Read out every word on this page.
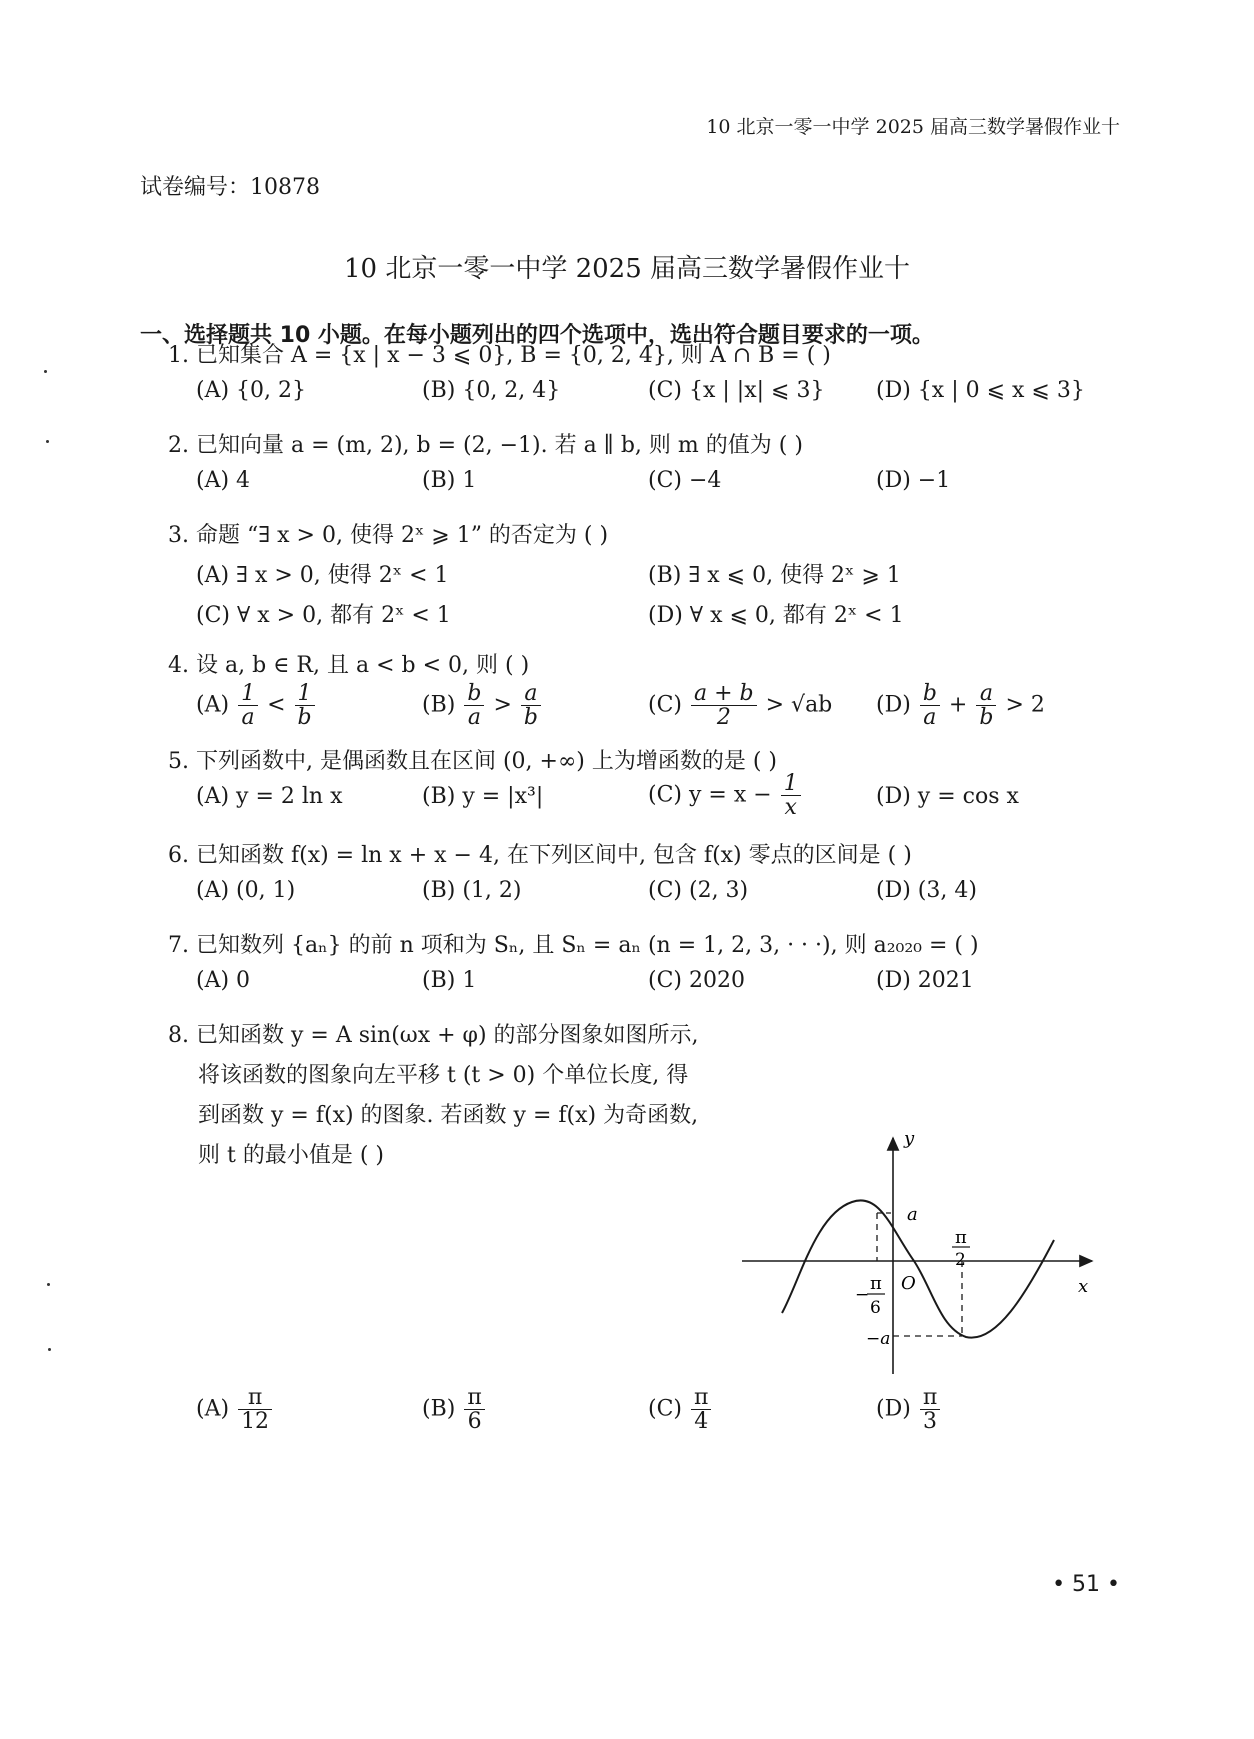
10 北京一零一中学 2025 届高三数学暑假作业十
试卷编号：10878
10 北京一零一中学 2025 届高三数学暑假作业十
一、选择题共 10 小题。在每小题列出的四个选项中，选出符合题目要求的一项。
1. 已知集合 A = {x | x − 3 ⩽ 0}, B = {0, 2, 4}, 则 A ∩ B = ( )
(A) {0, 2}	(B) {0, 2, 4}	(C) {x | |x| ⩽ 3} (D) {x | 0 ⩽ x ⩽ 3}
2. 已知向量 a = (m, 2), b = (2, −1). 若 a ∥ b, 则 m 的值为 ( )
(A) 4	(B) 1	(C) −4	(D) −1
3. 命题 “∃ x > 0, 使得 2ˣ ⩾ 1” 的否定为 ( )
(A) ∃ x > 0, 使得 2ˣ < 1	(B) ∃ x ⩽ 0, 使得 2ˣ ⩾ 1
(C) ∀ x > 0, 都有 2ˣ < 1	(D) ∀ x ⩽ 0, 都有 2ˣ < 1
4. 设 a, b ∈ R, 且 a < b < 0, 则 ( )
$(A) \frac{1}{a} < \frac{1}{b}$	$(B) \frac{b}{a} > \frac{a}{b}$	$(C) \frac{a + b}{2} > √ab$ $(D) \frac{b}{a} + \frac{a}{b} > 2$
5. 下列函数中, 是偶函数且在区间 (0, +∞) 上为增函数的是 ( )
(A) y = 2 ln x	(B) y = |x³|	(C) $y = x - \frac{1}{x}$	(D) y = cos x
6. 已知函数 f(x) = ln x + x − 4, 在下列区间中, 包含 f(x) 零点的区间是 ( )
(A) (0, 1)	(B) (1, 2)	(C) (2, 3)	(D) (3, 4)
7. 已知数列 {aₙ} 的前 n 项和为 Sₙ, 且 Sₙ = aₙ (n = 1, 2, 3, · · ·), 则 a₂₀₂₀ = ( )
(A) 0	(B) 1	(C) 2020	(D) 2021
8. 已知函数 y = A sin(ωx + φ) 的部分图象如图所示,
将该函数的图象向左平移 t (t > 0) 个单位长度, 得
到函数 y = f(x) 的图象. 若函数 y = f(x) 为奇函数,
则 t 的最小值是 ( )
y
x
O
a
−a
π
2
−
π
6
$(A) \frac{\pi}{12}$	$(B) \frac{\pi}{6}$	$(C) \frac{\pi}{4}$	$(D) \frac{\pi}{3}$
• 51 •
